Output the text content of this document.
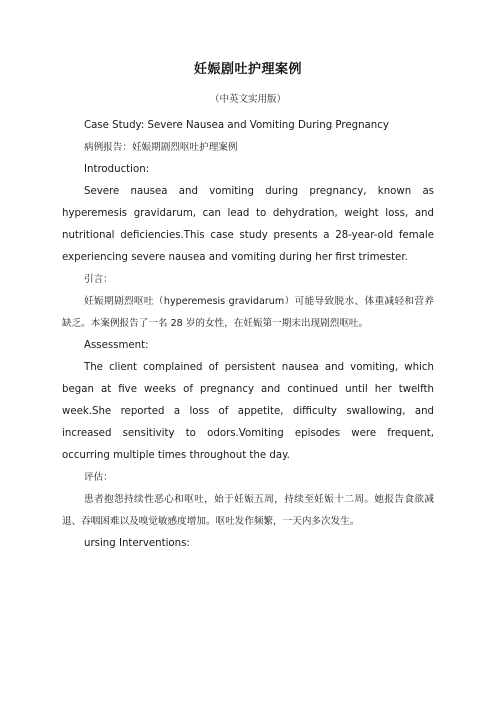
妊娠剧吐护理案例
（中英文实用版）

Case Study: Severe Nausea and Vomiting During Pregnancy

病例报告：妊娠期剧烈呕吐护理案例

Introduction:

Severe nausea and vomiting during pregnancy, known as hyperemesis gravidarum, can lead to dehydration, weight loss, and nutritional deficiencies.This case study presents a 28-year-old female experiencing severe nausea and vomiting during her first trimester.

引言：

妊娠期剧烈呕吐（hyperemesis gravidarum）可能导致脱水、体重减轻和营养缺乏。本案例报告了一名 28 岁的女性，在妊娠第一期末出现剧烈呕吐。

Assessment:

The client complained of persistent nausea and vomiting, which began at five weeks of pregnancy and continued until her twelfth week.She reported a loss of appetite, difficulty swallowing, and increased sensitivity to odors.Vomiting episodes were frequent, occurring multiple times throughout the day.

评估：

患者抱怨持续性恶心和呕吐，始于妊娠五周，持续至妊娠十二周。她报告食欲减退、吞咽困难以及嗅觉敏感度增加。呕吐发作频繁，一天内多次发生。

ursing Interventions:
